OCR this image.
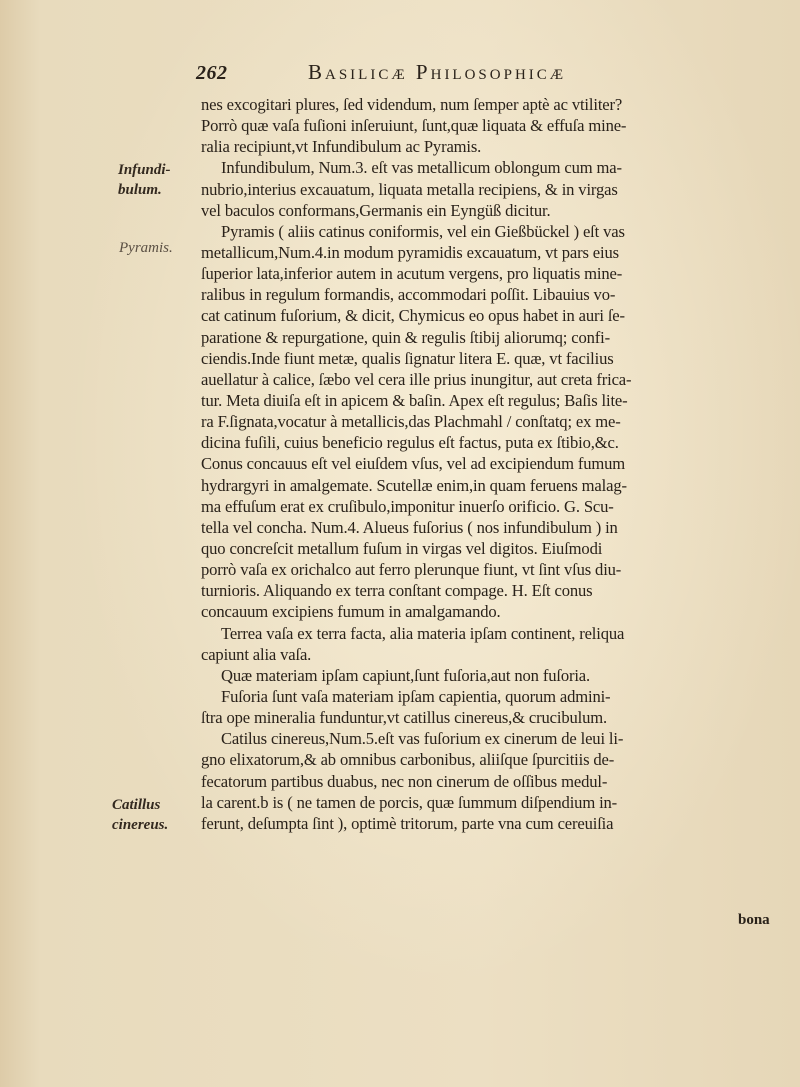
262	Basilicæ Philosophicæ
Infundi- bulum.
Pyramis.
Catillus cinereus.
nes excogitari plures, ſed videndum, num ſemper aptè ac vtiliter?
Porrò quæ vaſa fuſioni inſeruiunt, ſunt,quæ liquata & effuſa mine-
ralia recipiunt,vt Infundibulum ac Pyramis.
Infundibulum, Num.3. eſt vas metallicum oblongum cum ma-
nubrio,interius excauatum, liquata metalla recipiens, & in virgas
vel baculos conformans,Germanis ein Eyngüß dicitur.
Pyramis ( aliis catinus coniformis, vel ein Gießbückel ) eſt vas
metallicum,Num.4.in modum pyramidis excauatum, vt pars eius
ſuperior lata,inferior autem in acutum vergens, pro liquatis mine-
ralibus in regulum formandis, accommodari poſſit. Libauius vo-
cat catinum fuſorium, & dicit, Chymicus eo opus habet in auri ſe-
paratione & repurgatione, quin & regulis ſtibij aliorumq; confi-
ciendis.Inde fiunt metæ, qualis ſignatur litera E. quæ, vt facilius
auellatur à calice, ſæbo vel cera ille prius inungitur, aut creta frica-
tur. Meta diuiſa eſt in apicem & baſin. Apex eſt regulus; Baſis lite-
ra F.ſignata,vocatur à metallicis,das Plachmahl / conſtatq; ex me-
dicina fuſili, cuius beneficio regulus eſt factus, puta ex ſtibio,&c.
Conus concauus eſt vel eiuſdem vſus, vel ad excipiendum fumum
hydrargyri in amalgemate. Scutellæ enim,in quam feruens malag-
ma effuſum erat ex cruſibulo,imponitur inuerſo orificio. G. Scu-
tella vel concha. Num.4. Alueus fuſorius ( nos infundibulum ) in
quo concreſcit metallum fuſum in virgas vel digitos. Eiuſmodi
porrò vaſa ex orichalco aut ferro plerunque fiunt, vt ſint vſus diu-
turnioris. Aliquando ex terra conſtant compage. H. Eſt conus
concauum excipiens fumum in amalgamando.
Terrea vaſa ex terra facta, alia materia ipſam continent, reliqua
capiunt alia vaſa.
Quæ materiam ipſam capiunt,ſunt fuſoria,aut non fuſoria.
Fuſoria ſunt vaſa materiam ipſam capientia, quorum admini-
ſtra ope mineralia funduntur,vt catillus cinereus,& crucibulum.
Catilus cinereus,Num.5.eſt vas fuſorium ex cinerum de leui li-
gno elixatorum,& ab omnibus carbonibus, aliiſque ſpurcitiis de-
fecatorum partibus duabus, nec non cinerum de oſſibus medul-
la carent.b is ( ne tamen de porcis, quæ ſummum diſpendium in-
ferunt, deſumpta ſint ), optimè tritorum, parte vna cum cereuiſia
bona
